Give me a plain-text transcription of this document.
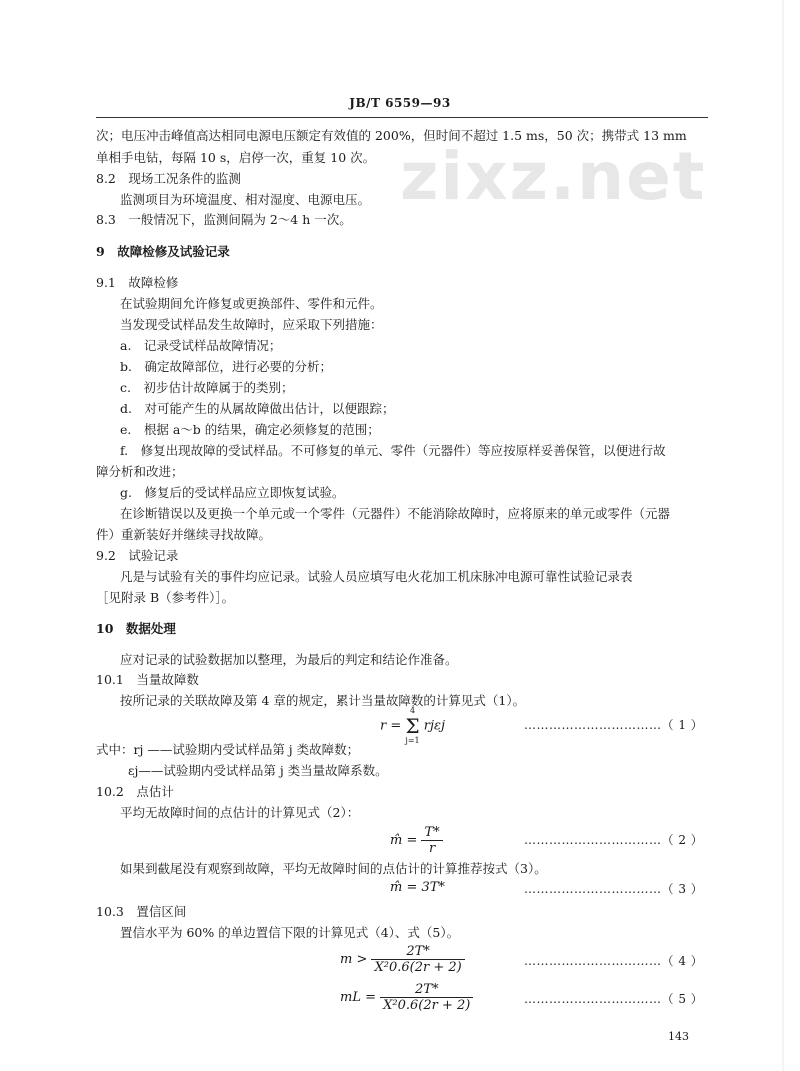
zixz.net
JB/T 6559—93
次；电压冲击峰值高达相同电源电压额定有效值的 200%，但时间不超过 1.5 ms，50 次；携带式 13 mm
单相手电钻，每隔 10 s，启停一次，重复 10 次。
8.2　现场工况条件的监测
监测项目为环境温度、相对湿度、电源电压。
8.3　一般情况下，监测间隔为 2～4 h 一次。
9　故障检修及试验记录
9.1　故障检修
在试验期间允许修复或更换部件、零件和元件。
当发现受试样品发生故障时，应采取下列措施：
a.　记录受试样品故障情况；
b.　确定故障部位，进行必要的分析；
c.　初步估计故障属于的类别；
d.　对可能产生的从属故障做出估计，以便跟踪；
e.　根据 a～b 的结果，确定必须修复的范围；
f.　修复出现故障的受试样品。不可修复的单元、零件（元器件）等应按原样妥善保管，以便进行故
障分析和改进；
g.　修复后的受试样品应立即恢复试验。
在诊断错误以及更换一个单元或一个零件（元器件）不能消除故障时，应将原来的单元或零件（元器
件）重新装好并继续寻找故障。
9.2　试验记录
凡是与试验有关的事件均应记录。试验人员应填写电火花加工机床脉冲电源可靠性试验记录表
［见附录 B（参考件）］。
10　数据处理
应对记录的试验数据加以整理，为最后的判定和结论作准备。
10.1　当量故障数
按所记录的关联故障及第 4 章的规定，累计当量故障数的计算见式（1）。
r =
4
Σ
j=1
rjεj	……………………………（ 1 ）
式中：rj ——试验期内受试样品第 j 类故障数；
εj——试验期内受试样品第 j 类当量故障系数。
10.2　点估计
平均无故障时间的点估计的计算见式（2）：
m̂ = $\frac{T*}{r}$	……………………………（ 2 ）
如果到截尾没有观察到故障，平均无故障时间的点估计的计算推荐按式（3）。
m̂ = 3T*	……………………………（ 3 ）
10.3　置信区间
置信水平为 60% 的单边置信下限的计算见式（4）、式（5）。
$m > \frac{2T*}{\text{X²0.6(2r + 2)}}$	……………………………（ 4 ）
mL = $\frac{2T*}{\text{X²0.6(2r + 2)}}$	……………………………（ 5 ）
143
